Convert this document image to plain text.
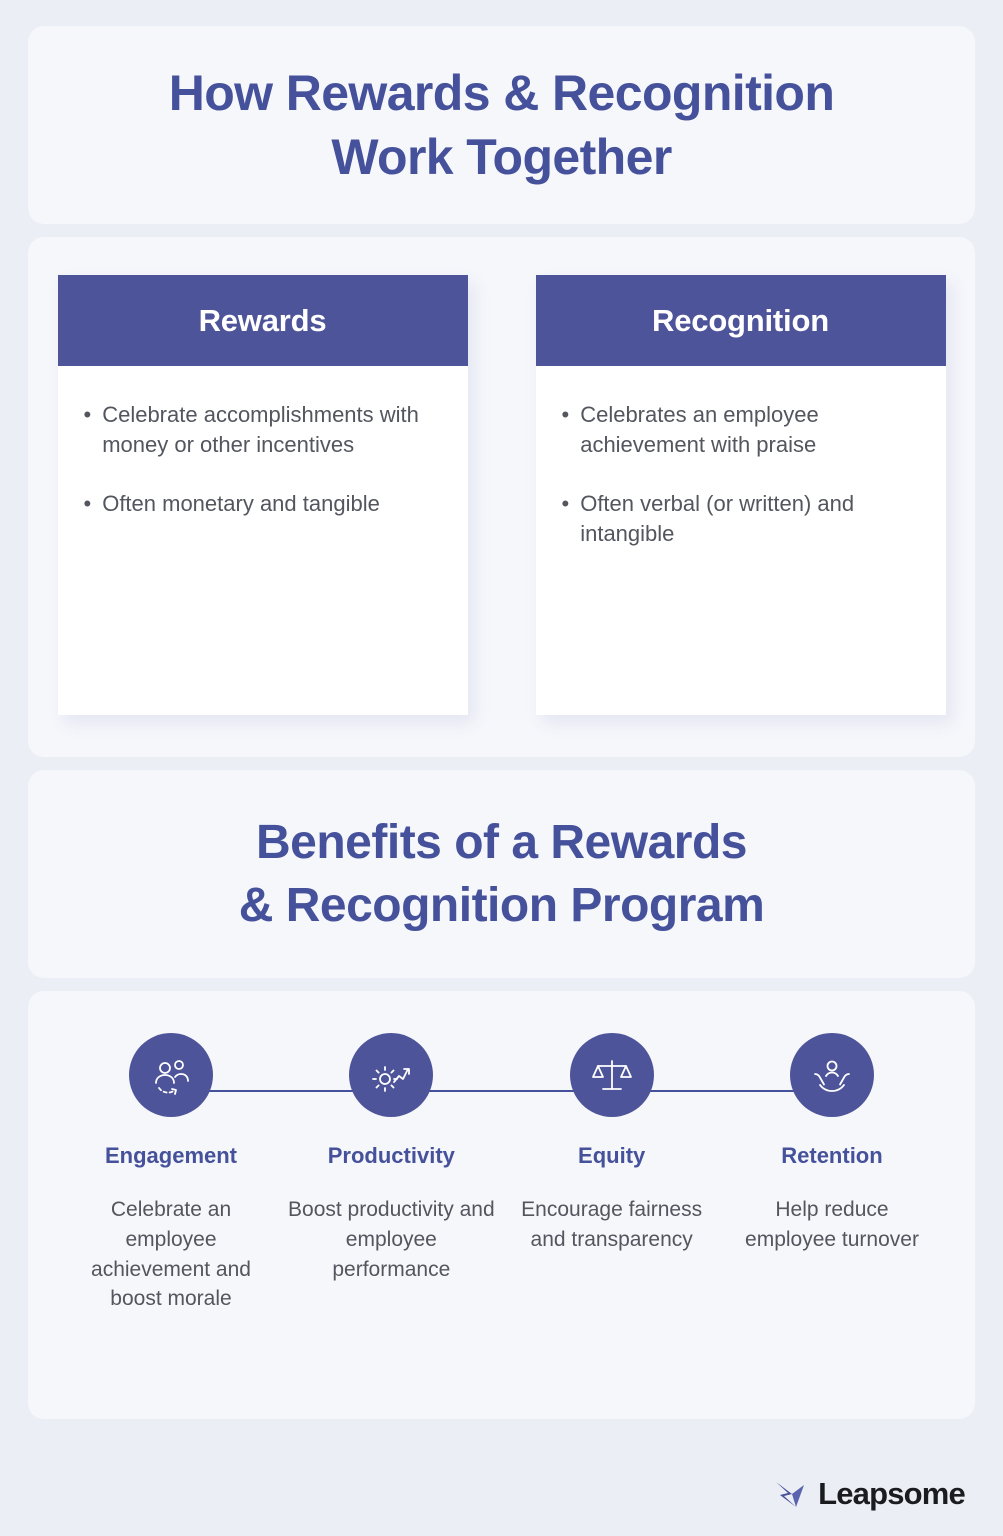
How Rewards & Recognition
Work Together
Rewards
• Celebrate accomplishments with money or other incentives
• Often monetary and tangible
Recognition
• Celebrates an employee achievement with praise
• Often verbal (or written) and intangible
Benefits of a Rewards
& Recognition Program
Engagement
Celebrate an employee achievement and boost morale
Productivity
Boost productivity and employee performance
Equity
Encourage fairness and transparency
Retention
Help reduce employee turnover
Leapsome
